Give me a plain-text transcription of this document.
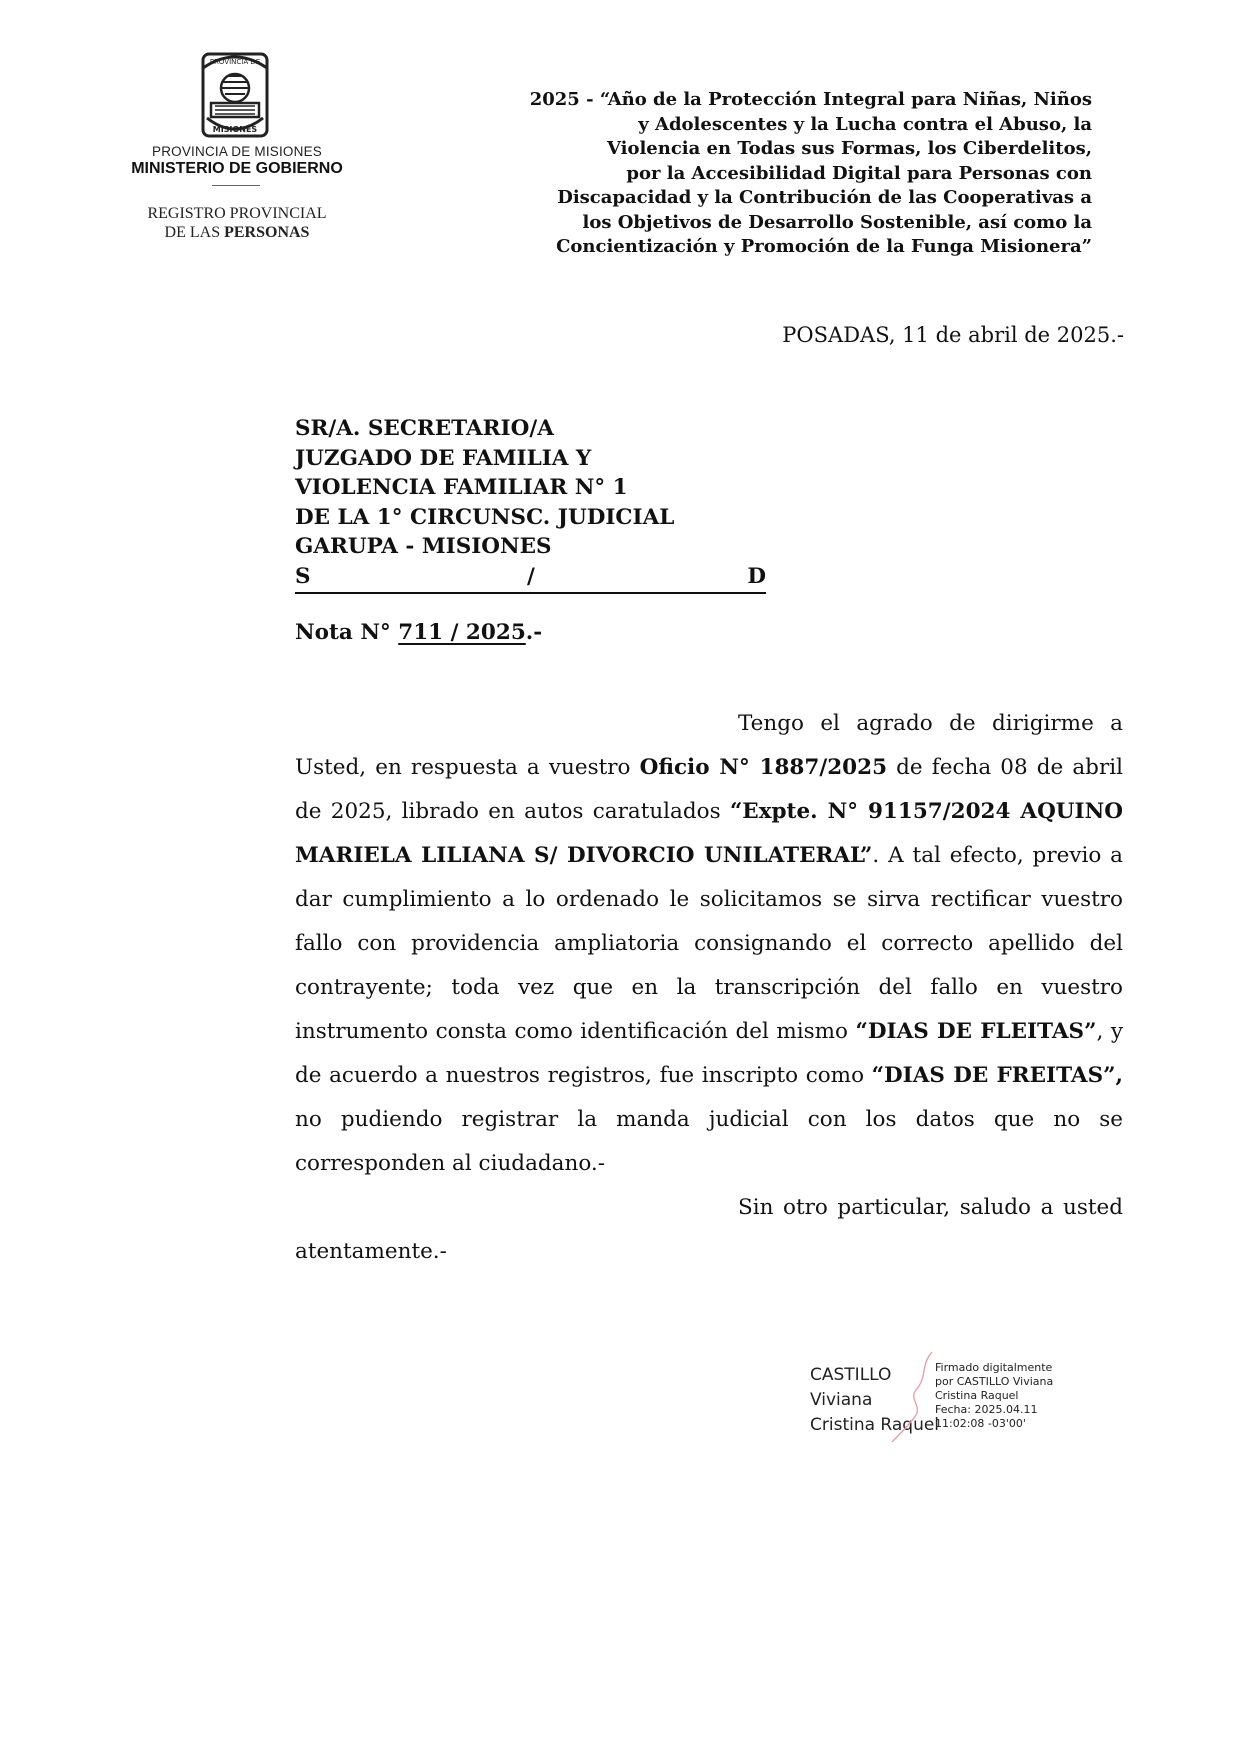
PROVINCIA DE
MISIONES
PROVINCIA DE MISIONES
MINISTERIO DE GOBIERNO
REGISTRO PROVINCIAL
DE LAS PERSONAS
2025 - “Año de la Protección Integral para Niñas, Niños
y Adolescentes y la Lucha contra el Abuso, la
Violencia en Todas sus Formas, los Ciberdelitos,
por la Accesibilidad Digital para Personas con
Discapacidad y la Contribución de las Cooperativas a
los Objetivos de Desarrollo Sostenible, así como la
Concientización y Promoción de la Funga Misionera”
POSADAS, 11 de abril de 2025.-
SR/A. SECRETARIO/A
JUZGADO DE FAMILIA Y
VIOLENCIA FAMILIAR N° 1
DE LA 1° CIRCUNSC. JUDICIAL
GARUPA - MISIONES
S	/	D
Nota N° 711 / 2025.-

Tengo el agrado de dirigirme a Usted, en respuesta a vuestro Oficio N° 1887/2025 de fecha 08 de abril de 2025, librado en autos caratulados “Expte. N° 91157/2024 AQUINO MARIELA LILIANA S/ DIVORCIO UNILATERAL”. A tal efecto, previo a dar cumplimiento a lo ordenado le solicitamos se sirva rectificar vuestro fallo con providencia ampliatoria consignando el correcto apellido del contrayente; toda vez que en la transcripción del fallo en vuestro instrumento consta como identificación del mismo “DIAS DE FLEITAS”, y de acuerdo a nuestros registros, fue inscripto como “DIAS DE FREITAS”, no pudiendo registrar la manda judicial con los datos que no se corresponden al ciudadano.-

Sin otro particular, saludo a usted atentamente.-

CASTILLO
Viviana
Cristina Raquel
Firmado digitalmente
por CASTILLO Viviana
Cristina Raquel
Fecha: 2025.04.11
11:02:08 -03'00'
